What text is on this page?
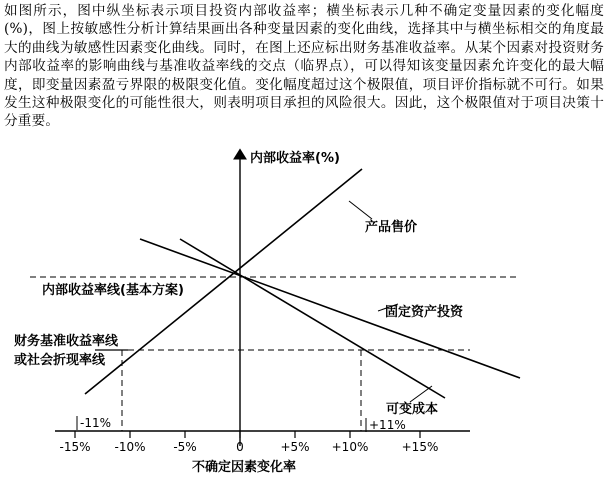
如图所示，图中纵坐标表示项目投资内部收益率；横坐标表示几种不确定变量因素的变化幅度(%)，图上按敏感性分析计算结果画出各种变量因素的变化曲线，选择其中与横坐标相交的角度最大的曲线为敏感性因素变化曲线。同时，在图上还应标出财务基准收益率。从某个因素对投资财务内部收益率的影响曲线与基准收益率线的交点（临界点），可以得知该变量因素允许变化的最大幅度，即变量因素盈亏界限的极限变化值。变化幅度超过这个极限值，项目评价指标就不可行。如果发生这种极限变化的可能性很大，则表明项目承担的风险很大。因此，这个极限值对于项目决策十分重要。
内部收益率(%)
产品售价
内部收益率线(基本方案)
固定资产投资
财务基准收益率线
或社会折现率线
可变成本
-11%	+11%
-15% -10% -5%	0	+5% +10%	+15%
不确定因素变化率
